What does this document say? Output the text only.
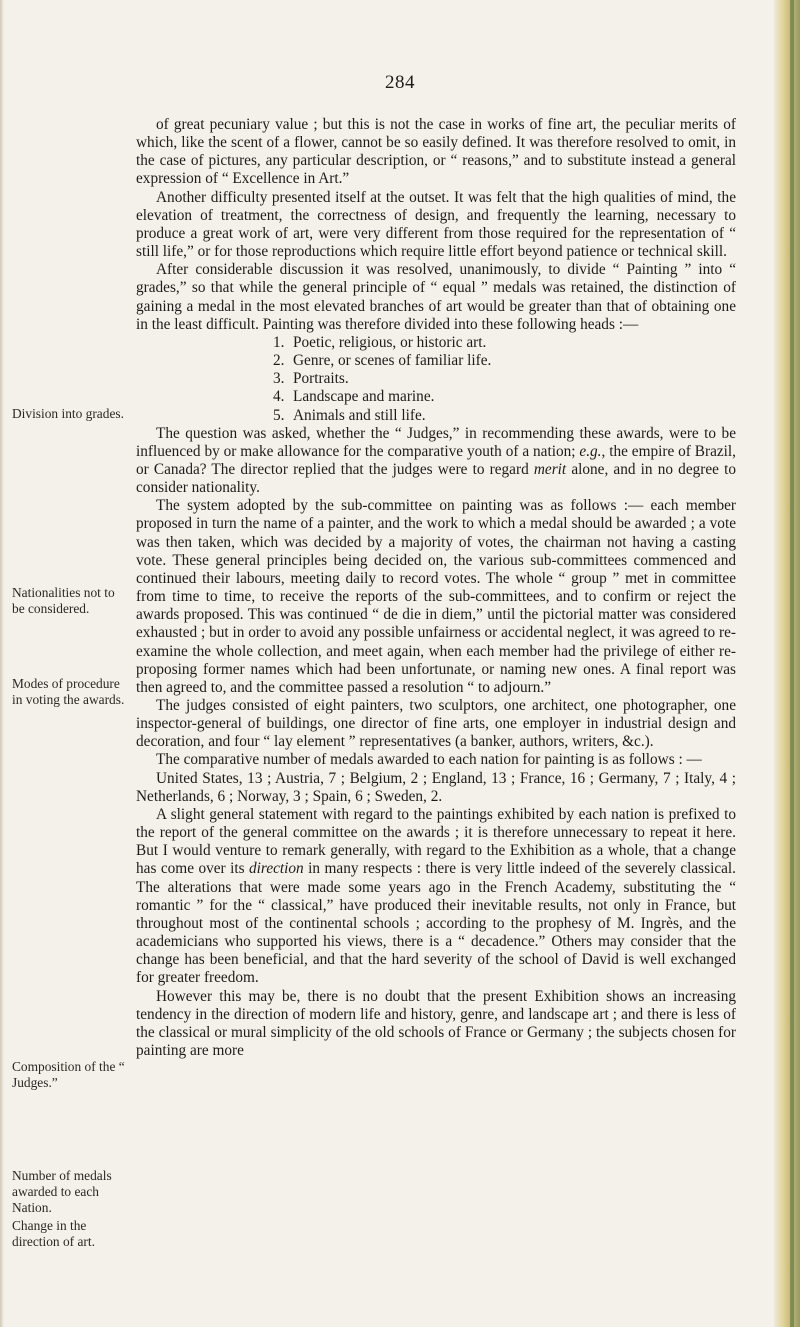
284
Division into grades.
Nationalities not to be considered.
Modes of procedure in voting the awards.
Composition of the “ Judges.”
Number of medals awarded to each Nation.
Change in the direction of art.

of great pecuniary value ; but this is not the case in works of fine art, the peculiar merits of which, like the scent of a flower, cannot be so easily defined. It was therefore resolved to omit, in the case of pictures, any particular description, or “ reasons,” and to substitute instead a general expression of “ Excellence in Art.”

Another difficulty presented itself at the outset. It was felt that the high qualities of mind, the elevation of treatment, the correctness of design, and frequently the learning, necessary to produce a great work of art, were very different from those required for the representation of “ still life,” or for those reproductions which require little effort beyond patience or technical skill.

After considerable discussion it was resolved, unanimously, to divide “ Painting ” into “ grades,” so that while the general principle of “ equal ” medals was retained, the distinction of gaining a medal in the most elevated branches of art would be greater than that of obtaining one in the least difficult. Painting was therefore divided into these following heads :—

1. Poetic, religious, or historic art.
2. Genre, or scenes of familiar life.
3. Portraits.
4. Landscape and marine.
5. Animals and still life.

The question was asked, whether the “ Judges,” in recommending these awards, were to be influenced by or make allowance for the comparative youth of a nation; e.g., the empire of Brazil, or Canada? The director replied that the judges were to regard merit alone, and in no degree to consider nationality.

The system adopted by the sub-committee on painting was as follows :— each member proposed in turn the name of a painter, and the work to which a medal should be awarded ; a vote was then taken, which was decided by a majority of votes, the chairman not having a casting vote. These general principles being decided on, the various sub-committees commenced and continued their labours, meeting daily to record votes. The whole “ group ” met in committee from time to time, to receive the reports of the sub-committees, and to confirm or reject the awards proposed. This was continued “ de die in diem,” until the pictorial matter was considered exhausted ; but in order to avoid any possible unfairness or accidental neglect, it was agreed to re-examine the whole collection, and meet again, when each member had the privilege of either re-proposing former names which had been unfortunate, or naming new ones. A final report was then agreed to, and the committee passed a resolution “ to adjourn.”

The judges consisted of eight painters, two sculptors, one architect, one photographer, one inspector-general of buildings, one director of fine arts, one employer in industrial design and decoration, and four “ lay element ” representatives (a banker, authors, writers, &c.).

The comparative number of medals awarded to each nation for painting is as follows : —

United States, 13 ; Austria, 7 ; Belgium, 2 ; England, 13 ; France, 16 ; Germany, 7 ; Italy, 4 ; Netherlands, 6 ; Norway, 3 ; Spain, 6 ; Sweden, 2.

A slight general statement with regard to the paintings exhibited by each nation is prefixed to the report of the general committee on the awards ; it is therefore unnecessary to repeat it here. But I would venture to remark generally, with regard to the Exhibition as a whole, that a change has come over its direction in many respects : there is very little indeed of the severely classical. The alterations that were made some years ago in the French Academy, substituting the “ romantic ” for the “ classical,” have produced their inevitable results, not only in France, but throughout most of the continental schools ; according to the prophesy of M. Ingrès, and the academicians who supported his views, there is a “ decadence.” Others may consider that the change has been beneficial, and that the hard severity of the school of David is well exchanged for greater freedom.

However this may be, there is no doubt that the present Exhibition shows an increasing tendency in the direction of modern life and history, genre, and landscape art ; and there is less of the classical or mural simplicity of the old schools of France or Germany ; the subjects chosen for painting are more
